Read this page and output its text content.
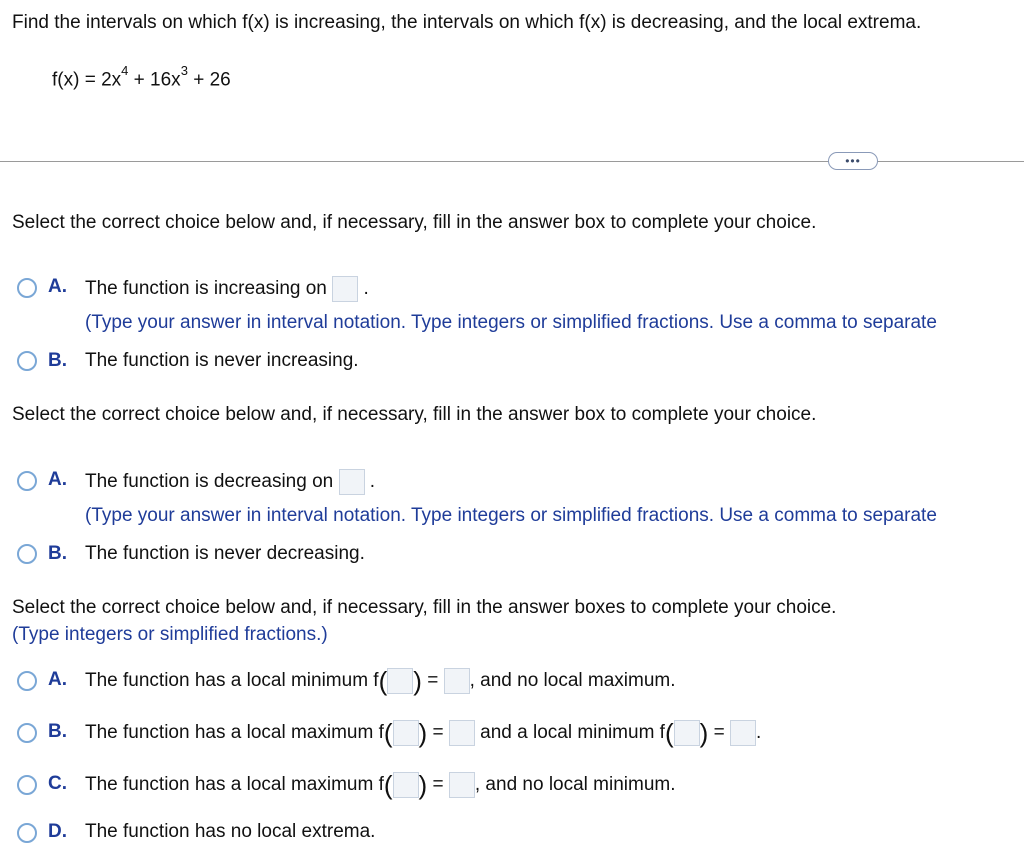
Find the intervals on which f(x) is increasing, the intervals on which f(x) is decreasing, and the local extrema.
$f(x) = 2x^4 + 16x^3 + 26$
•••
Select the correct choice below and, if necessary, fill in the answer box to complete your choice.
A. The function is increasing on .
(Type your answer in interval notation. Type integers or simplified fractions. Use a comma to separate
B. The function is never increasing.
Select the correct choice below and, if necessary, fill in the answer box to complete your choice.
A. The function is decreasing on .
(Type your answer in interval notation. Type integers or simplified fractions. Use a comma to separate
B. The function is never decreasing.
Select the correct choice below and, if necessary, fill in the answer boxes to complete your choice.
(Type integers or simplified fractions.)
A. The function has a local minimum f( ) = , and no local maximum.
B. The function has a local maximum f( ) = and a local minimum f( ) = .
C. The function has a local maximum f( ) = , and no local minimum.
D. The function has no local extrema.
